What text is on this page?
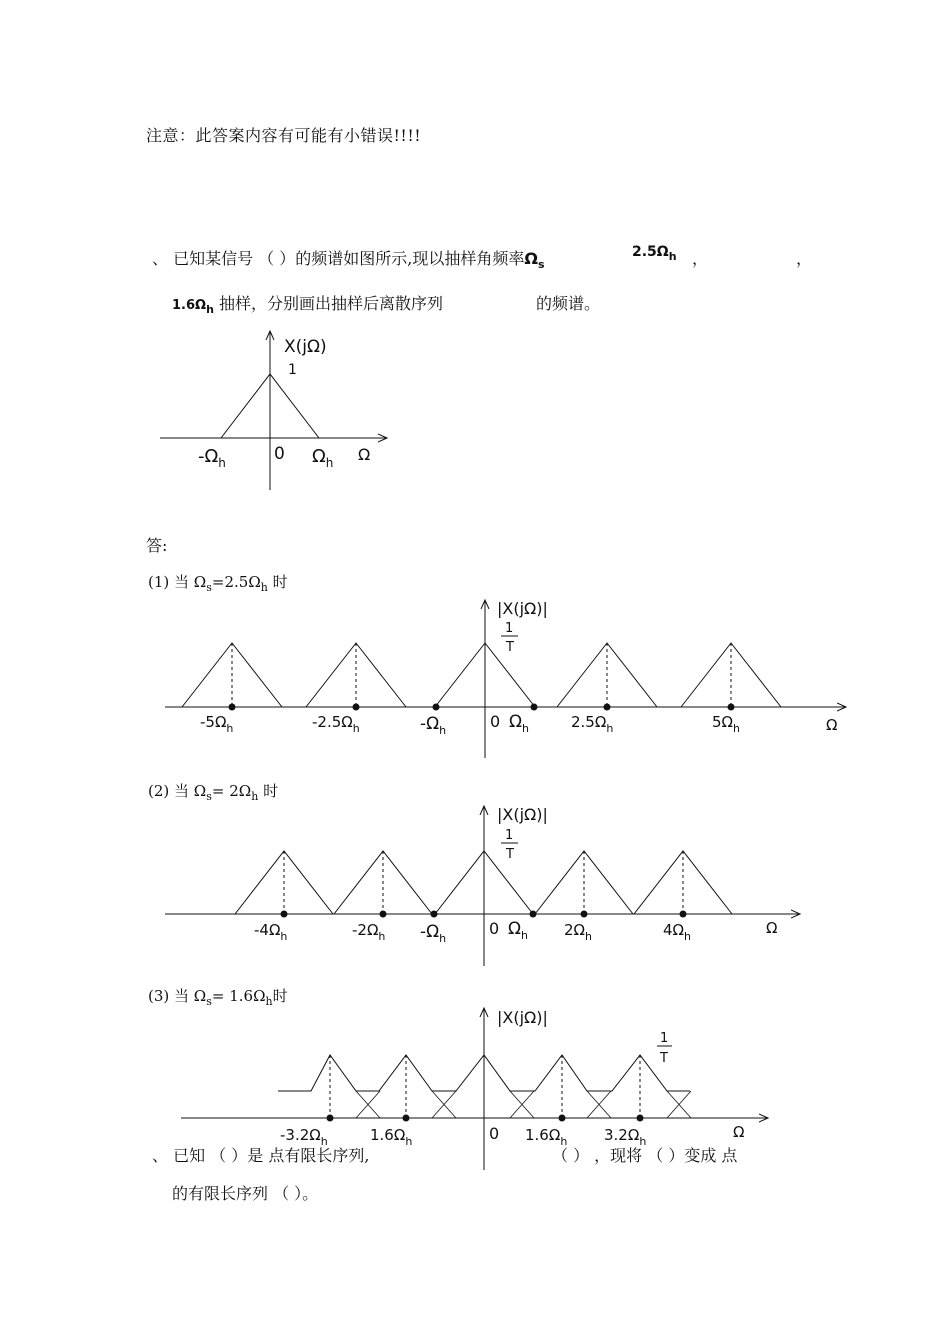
注意：此答案内容有可能有小错误!!!!
、 已知某信号 （ ）的频谱如图所示,现以抽样角频率$\Omega_s$
$2.5\Omega_h$ ，	，
$1.6\Omega_h$ 抽样，分别画出抽样后离散序列	的频谱。
答:
(1) 当 $\Omega_s=2.5\Omega_h$ 时
(2) 当 $\Omega_s= 2\Omega_h$ 时
(3) 当 $\Omega_s= 1.6\Omega_h$时
、 已知 （ ）是 点有限长序列,	（ ） ，现将 （ ）变成 点
的有限长序列 （ ）。
X(jΩ)
1
$-\Omega_h$	0 $\Omega_h$ Ω
|X(jΩ)|
1
T
Ω
$-5\Omega_h$	$-2.5\Omega_h$	$-\Omega_h$	0 $\Omega_h$	$2.5\Omega_h$	$5\Omega_h$
|X(jΩ)|
1
T
Ω
$-4\Omega_h$	$-2\Omega_h$ $-\Omega_h$
0 $\Omega_h$ $2\Omega_h$	$4\Omega_h$
|X(jΩ)|
1
T
Ω
$-3.2\Omega_h$	$1.6\Omega_h$	0 $1.6\Omega_h$ $3.2\Omega_h$
